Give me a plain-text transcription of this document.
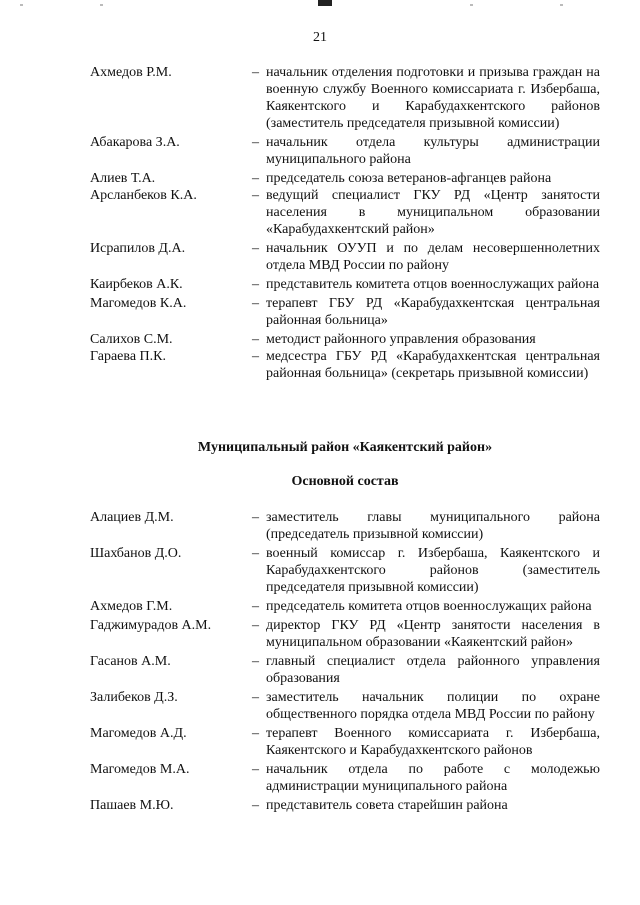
21
Ахмедов Р.М.	– начальник отделения подготовки и призыва граждан на военную службу Военного комиссариата г. Избербаша, Каякентского и Карабудахкентского районов (заместитель председателя призывной комиссии)
Абакарова З.А.	– начальник отдела культуры администрации муниципального района
Алиев Т.А.	– председатель союза ветеранов-афганцев района
Арсланбеков К.А.	– ведущий специалист ГКУ РД «Центр занятости населения в муниципальном образовании «Карабудахкентский район»
Исрапилов Д.А.	– начальник ОУУП и по делам несовершеннолетних отдела МВД России по району
Каирбеков А.К.	– представитель комитета отцов военнослужащих района
Магомедов К.А.	– терапевт ГБУ РД «Карабудахкентская центральная районная больница»
Салихов С.М.	– методист районного управления образования
Гараева П.К.	– медсестра ГБУ РД «Карабудахкентская центральная районная больница» (секретарь призывной комиссии)
Муниципальный район «Каякентский район»
Основной состав
Алациев Д.М.	– заместитель главы муниципального района (председатель призывной комиссии)
Шахбанов Д.О.	– военный комиссар г. Избербаша, Каякентского и Карабудахкентского районов (заместитель председателя призывной комиссии)
Ахмедов Г.М.	– председатель комитета отцов военнослужащих района
Гаджимурадов А.М.	– директор ГКУ РД «Центр занятости населения в муниципальном образовании «Каякентский район»
Гасанов А.М.	– главный специалист отдела районного управления образования
Залибеков Д.З.	– заместитель начальник полиции по охране общественного порядка отдела МВД России по району
Магомедов А.Д.	– терапевт Военного комиссариата г. Избербаша, Каякентского и Карабудахкентского районов
Магомедов М.А.	– начальник отдела по работе с молодежью администрации муниципального района
Пашаев М.Ю.	– представитель совета старейшин района
